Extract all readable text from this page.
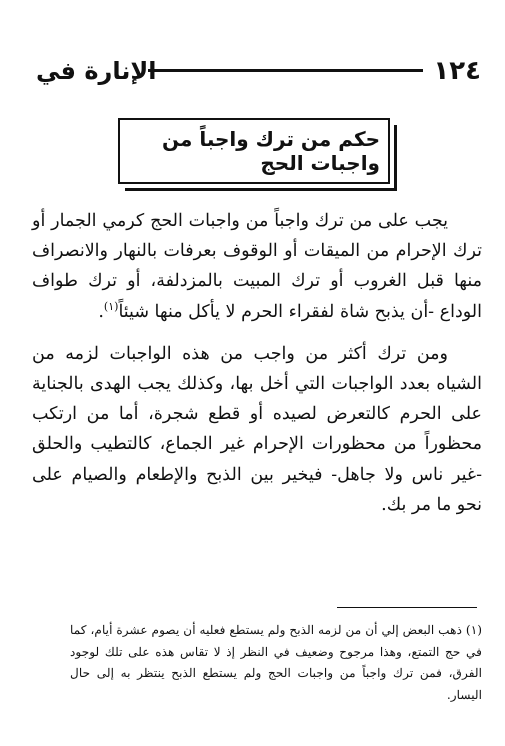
١٢٤
الإنارة في
حكم من ترك واجباً من واجبات الحج

يجب على من ترك واجباً من واجبات الحج كرمي الجمار أو ترك الإحرام من الميقات أو الوقوف بعرفات بالنهار والانصراف منها قبل الغروب أو ترك المبيت بالمزدلفة، أو ترك طواف الوداع -أن يذبح شاة لفقراء الحرم لا يأكل منها شيئاً$^{(١)}$.

ومن ترك أكثر من واجب من هذه الواجبات لزمه من الشياه بعدد الواجبات التي أخل بها، وكذلك يجب الهدى بالجناية على الحرم كالتعرض لصيده أو قطع شجرة، أما من ارتكب محظوراً من محظورات الإحرام غير الجماع، كالتطيب والحلق -غير ناس ولا جاهل- فيخير بين الذبح والإطعام والصيام على نحو ما مر بك.

(١) ذهب البعض إلي أن من لزمه الذبح ولم يستطع فعليه أن يصوم عشرة أيام، كما في حج التمتع، وهذا مرجوح وضعيف في النظر إذ لا تقاس هذه على تلك لوجود الفرق، فمن ترك واجباً من واجبات الحج ولم يستطع الذبح ينتظر به إلى حال اليسار.
